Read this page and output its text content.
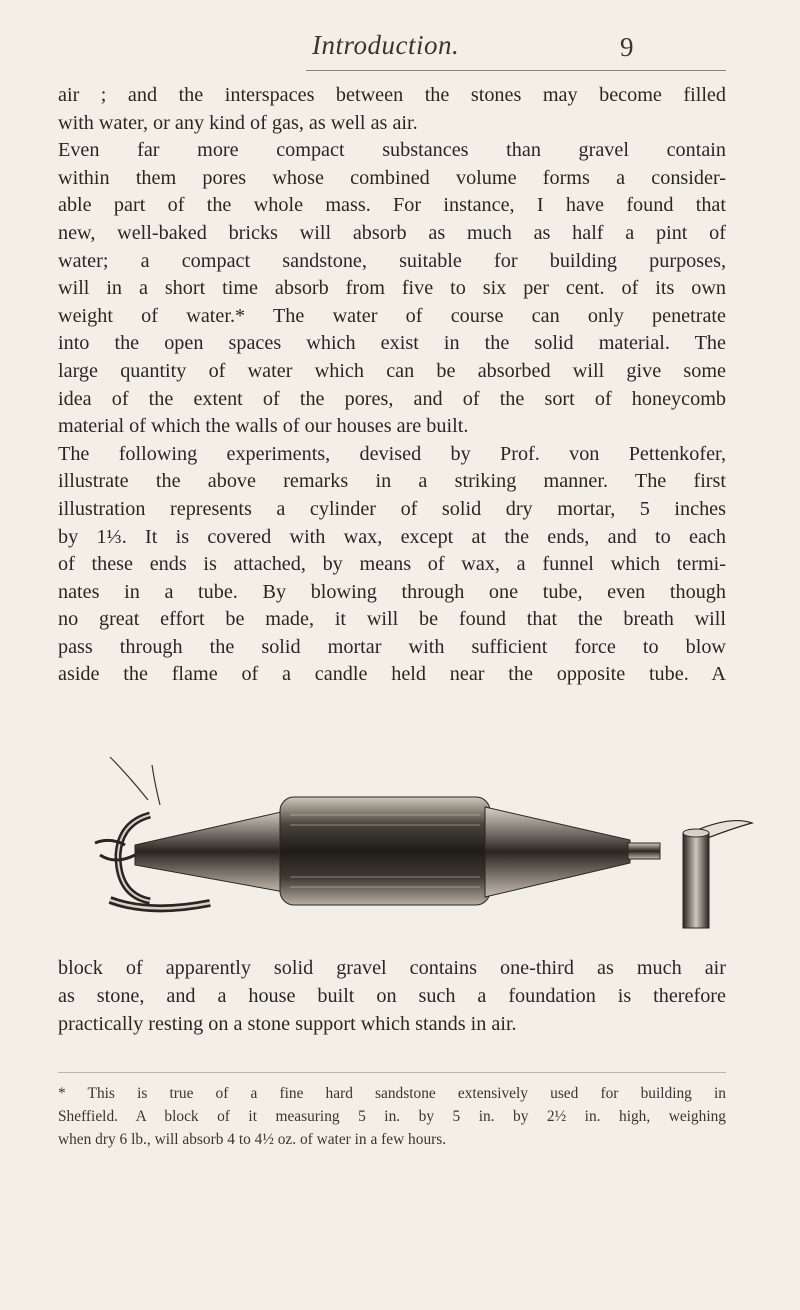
Introduction.	9
air ; and the interspaces between the stones may become filled
with water, or any kind of gas, as well as air.
Even far more compact substances than gravel contain
within them pores whose combined volume forms a consider-
able part of the whole mass. For instance, I have found that
new, well-baked bricks will absorb as much as half a pint of
water; a compact sandstone, suitable for building purposes,
will in a short time absorb from five to six per cent. of its own
weight of water.* The water of course can only penetrate
into the open spaces which exist in the solid material. The
large quantity of water which can be absorbed will give some
idea of the extent of the pores, and of the sort of honeycomb
material of which the walls of our houses are built.
The following experiments, devised by Prof. von Pettenkofer,
illustrate the above remarks in a striking manner. The first
illustration represents a cylinder of solid dry mortar, 5 inches
by 1⅓. It is covered with wax, except at the ends, and to each
of these ends is attached, by means of wax, a funnel which termi-
nates in a tube. By blowing through one tube, even though
no great effort be made, it will be found that the breath will
pass through the solid mortar with sufficient force to blow
aside the flame of a candle held near the opposite tube. A
block of apparently solid gravel contains one-third as much air
as stone, and a house built on such a foundation is therefore
practically resting on a stone support which stands in air.
* This is true of a fine hard sandstone extensively used for building in
Sheffield. A block of it measuring 5 in. by 5 in. by 2½ in. high, weighing
when dry 6 lb., will absorb 4 to 4½ oz. of water in a few hours.
